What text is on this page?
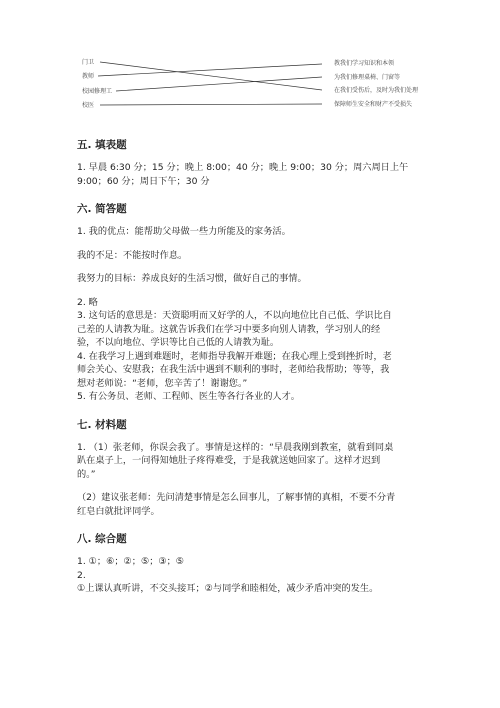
门卫
教师
校园修理工
校医
教我们学习知识和本领
为我们修理桌椅、门窗等
在我们受伤后，及时为我们处理
保障师生安全和财产不受损失
五. 填表题
1. 早晨 6:30 分；15 分；晚上 8:00；40 分；晚上 9:00；30 分；周六周日上午
9:00；60 分；周日下午；30 分
六. 简答题
1. 我的优点：能帮助父母做一些力所能及的家务活。
我的不足：不能按时作息。
我努力的目标：养成良好的生活习惯，做好自己的事情。
2. 略
3. 这句话的意思是：天资聪明而又好学的人，不以向地位比自己低、学识比自
己差的人请教为耻。这就告诉我们在学习中要多向别人请教，学习别人的经
验，不以向地位、学识等比自己低的人请教为耻。
4. 在我学习上遇到难题时，老师指导我解开难题；在我心理上受到挫折时，老
师会关心、安慰我；在我生活中遇到不顺利的事时，老师给我帮助；等等，我
想对老师说：“老师，您辛苦了！谢谢您。”
5. 有公务员、老师、工程师、医生等各行各业的人才。
七. 材料题
1. （1）张老师，你误会我了。事情是这样的：“早晨我刚到教室，就看到同桌
趴在桌子上，一问得知她肚子疼得难受，于是我就送她回家了。这样才迟到
的。”
（2）建议张老师：先问清楚事情是怎么回事儿，了解事情的真相，不要不分青
红皂白就批评同学。
八. 综合题
1. ①；⑥；②；⑤；③；⑤
2.
①上课认真听讲，不交头接耳；②与同学和睦相处，减少矛盾冲突的发生。
